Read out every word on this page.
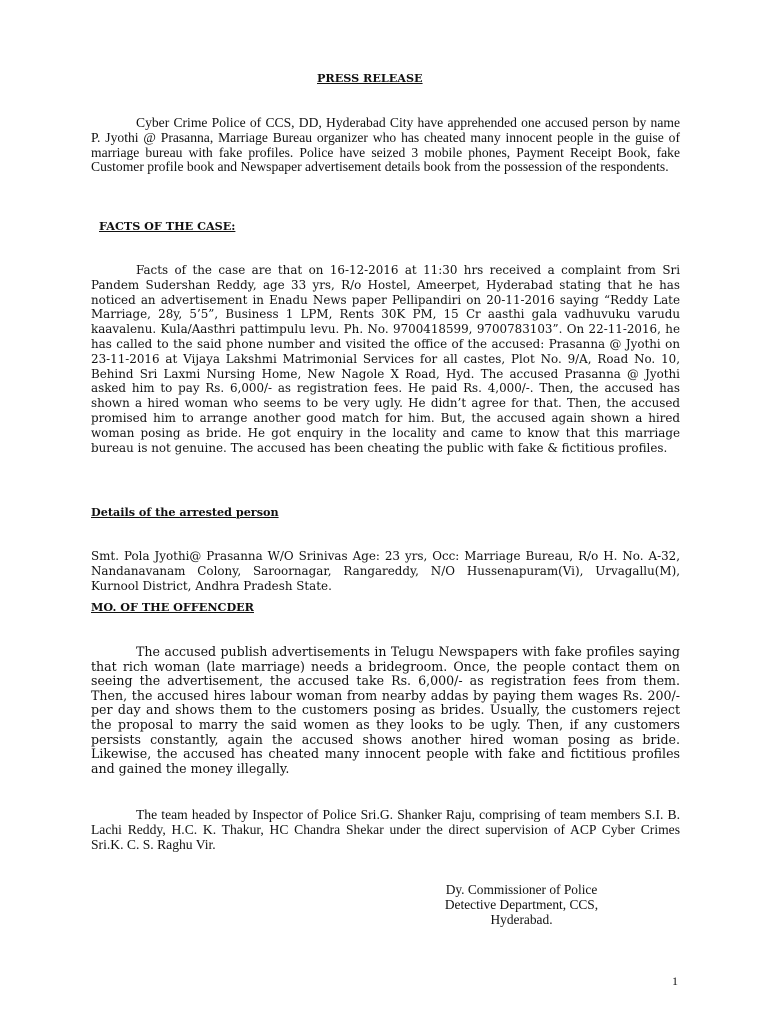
PRESS RELEASE
Cyber Crime Police of CCS, DD, Hyderabad City have apprehended one accused person by name P. Jyothi @ Prasanna, Marriage Bureau organizer who has cheated many innocent people in the guise of marriage bureau with fake profiles. Police have seized 3 mobile phones, Payment Receipt Book, fake Customer profile book and Newspaper advertisement details book from the possession of the respondents.
FACTS OF THE CASE:
Facts of the case are that on 16-12-2016 at 11:30 hrs received a complaint from Sri Pandem Sudershan Reddy, age 33 yrs, R/o Hostel, Ameerpet, Hyderabad stating that he has noticed an advertisement in Enadu News paper Pellipandiri on 20-11-2016 saying “Reddy Late Marriage, 28y, 5’5”, Business 1 LPM, Rents 30K PM, 15 Cr aasthi gala vadhuvuku varudu kaavalenu. Kula/Aasthri pattimpulu levu. Ph. No. 9700418599, 9700783103”. On 22-11-2016, he has called to the said phone number and visited the office of the accused: Prasanna @ Jyothi on 23-11-2016 at Vijaya Lakshmi Matrimonial Services for all castes, Plot No. 9/A, Road No. 10, Behind Sri Laxmi Nursing Home, New Nagole X Road, Hyd. The accused Prasanna @ Jyothi asked him to pay Rs. 6,000/- as registration fees. He paid Rs. 4,000/-. Then, the accused has shown a hired woman who seems to be very ugly. He didn’t agree for that. Then, the accused promised him to arrange another good match for him. But, the accused again shown a hired woman posing as bride. He got enquiry in the locality and came to know that this marriage bureau is not genuine. The accused has been cheating the public with fake & fictitious profiles.
Details of the arrested person
Smt. Pola Jyothi@ Prasanna W/O Srinivas Age: 23 yrs, Occ: Marriage Bureau, R/o H. No. A-32, Nandanavanam Colony, Saroornagar, Rangareddy, N/O Hussenapuram(Vi), Urvagallu(M), Kurnool District, Andhra Pradesh State.
MO. OF THE OFFENCDER
The accused publish advertisements in Telugu Newspapers with fake profiles saying that rich woman (late marriage) needs a bridegroom. Once, the people contact them on seeing the advertisement, the accused take Rs. 6,000/- as registration fees from them. Then, the accused hires labour woman from nearby addas by paying them wages Rs. 200/- per day and shows them to the customers posing as brides. Usually, the customers reject the proposal to marry the said women as they looks to be ugly. Then, if any customers persists constantly, again the accused shows another hired woman posing as bride. Likewise, the accused has cheated many innocent people with fake and fictitious profiles and gained the money illegally.
The team headed by Inspector of Police Sri.G. Shanker Raju, comprising of team members S.I. B. Lachi Reddy, H.C. K. Thakur, HC Chandra Shekar under the direct supervision of ACP Cyber Crimes Sri.K. C. S. Raghu Vir.
Dy. Commissioner of Police
Detective Department, CCS,
Hyderabad.
1
